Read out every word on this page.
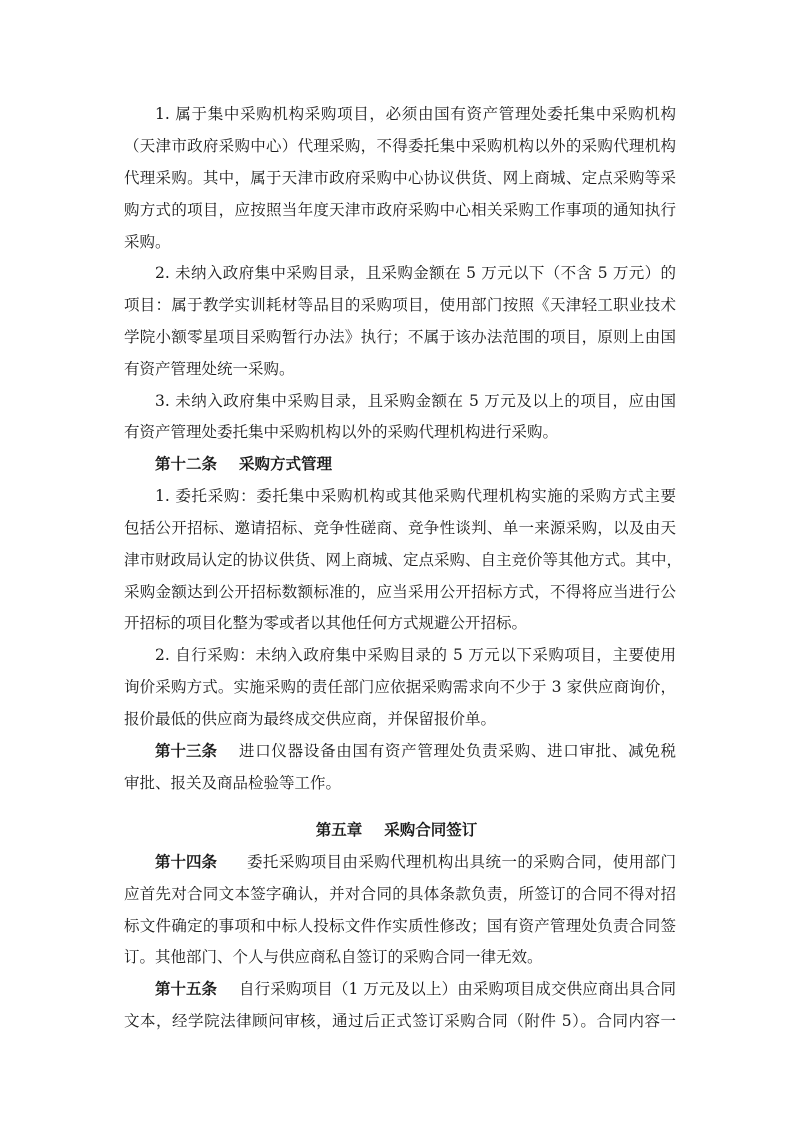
1. 属于集中采购机构采购项目，必须由国有资产管理处委托集中采购机构
（天津市政府采购中心）代理采购，不得委托集中采购机构以外的采购代理机构
代理采购。其中，属于天津市政府采购中心协议供货、网上商城、定点采购等采
购方式的项目，应按照当年度天津市政府采购中心相关采购工作事项的通知执行
采购。
2. 未纳入政府集中采购目录，且采购金额在 5 万元以下（不含 5 万元）的
项目：属于教学实训耗材等品目的采购项目，使用部门按照《天津轻工职业技术
学院小额零星项目采购暂行办法》执行；不属于该办法范围的项目，原则上由国
有资产管理处统一采购。
3. 未纳入政府集中采购目录，且采购金额在 5 万元及以上的项目，应由国
有资产管理处委托集中采购机构以外的采购代理机构进行采购。
第十二条 采购方式管理
1. 委托采购：委托集中采购机构或其他采购代理机构实施的采购方式主要
包括公开招标、邀请招标、竞争性磋商、竞争性谈判、单一来源采购，以及由天
津市财政局认定的协议供货、网上商城、定点采购、自主竞价等其他方式。其中，
采购金额达到公开招标数额标准的，应当采用公开招标方式，不得将应当进行公
开招标的项目化整为零或者以其他任何方式规避公开招标。
2. 自行采购：未纳入政府集中采购目录的 5 万元以下采购项目，主要使用
询价采购方式。实施采购的责任部门应依据采购需求向不少于 3 家供应商询价，
报价最低的供应商为最终成交供应商，并保留报价单。
第十三条 进口仪器设备由国有资产管理处负责采购、进口审批、减免税
审批、报关及商品检验等工作。
第五章 采购合同签订
第十四条 委托采购项目由采购代理机构出具统一的采购合同，使用部门
应首先对合同文本签字确认，并对合同的具体条款负责，所签订的合同不得对招
标文件确定的事项和中标人投标文件作实质性修改；国有资产管理处负责合同签
订。其他部门、个人与供应商私自签订的采购合同一律无效。
第十五条 自行采购项目（1 万元及以上）由采购项目成交供应商出具合同
文本，经学院法律顾问审核，通过后正式签订采购合同（附件 5）。合同内容一
